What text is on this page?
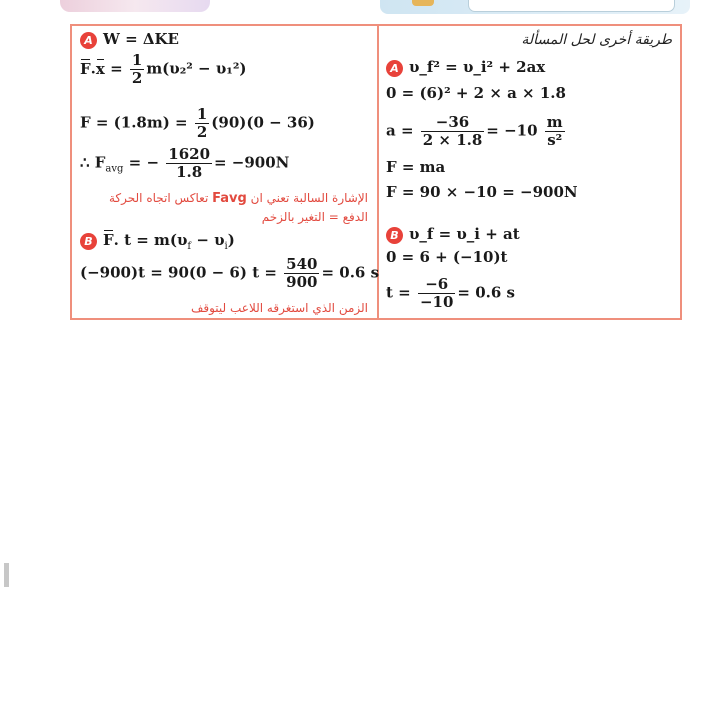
A W = ΔKE
$F.x = \frac{1}{2} m(\upsilon_2^2 - \upsilon_1^2)$
$F = (1.8m) = \frac{1}{2} (90)(0 - 36)$
∴ $F_{avg}$ = − $\frac{1620}{1.8} = -900N$
الإشارة السالبة تعني ان Favg تعاكس اتجاه الحركة
الدفع = التغير بالزخم
B F. $t = m(\upsilon_f - \upsilon_i)$
(−900)t = 90(0 − 6) $t = \frac{540}{900} = 0.6$ s
الزمن الذي استغرقه اللاعب ليتوقف
طريقة أخرى لحل المسألة
A υ_f² = υ_i² + 2ax
0 = (6)² + 2 × a × 1.8
$a = \frac{-36}{2 \times 1.8} = -10 \frac{m}{\text{s²}}$
F = ma
F = 90 × −10 = −900N
B υ_f = υ_i + at
0 = 6 + (−10)t
$t = \frac{-6}{-10} = 0.6$ s
